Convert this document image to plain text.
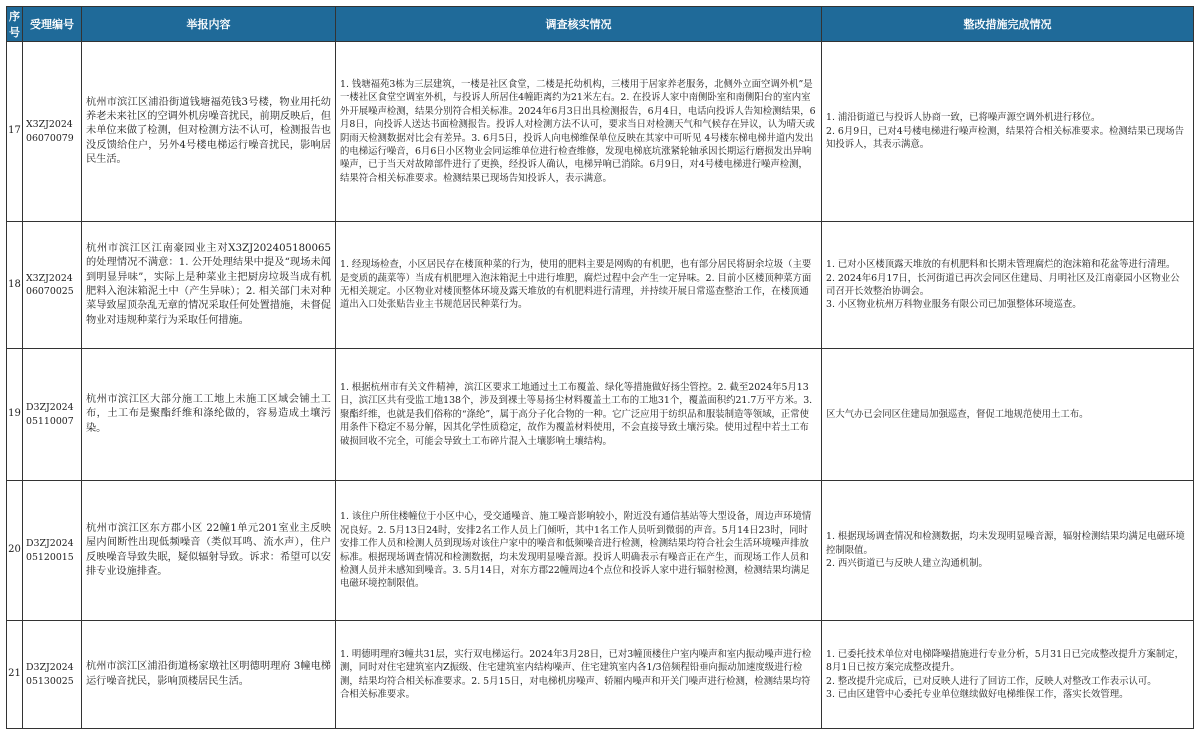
序号	受理编号	举报内容	调查核实情况	整改措施完成情况
17	X3ZJ2024 06070079	杭州市滨江区浦沿街道钱塘福苑钱3号楼，物业用托幼养老未来社区的空调外机房噪音扰民，前期反映后，但未单位来做了检测，但对检测方法不认可，检测报告也没反馈给住户，另外4号楼电梯运行噪音扰民，影响居民生活。	1. 钱塘福苑3栋为三层建筑，一楼是社区食堂，二楼是托幼机构，三楼用于居家养老服务，北侧外立面空调外机”是一楼社区食堂空调室外机，与投诉人所居住4幢距离约为21米左右。2. 在投诉人家中南侧卧室和南侧阳台的室内室外开展噪声检测，结果分别符合相关标准。2024年6月3日出具检测报告，6月4日，电话向投诉人告知检测结果，6月8日，向投诉人送达书面检测报告。投诉人对检测方法不认可，要求当日对检测天气和气候存在异议，认为晴天或阴雨天检测数据对比会有差异。3. 6月5日，投诉人向电梯维保单位反映在其家中可听见 4号楼东梯电梯井道内发出的电梯运行噪音，6月6日小区物业会同运维单位进行检查维修，发现电梯底坑涨紧轮轴承因长期运行磨损发出异响噪声，已于当天对故障部件进行了更换，经投诉人确认，电梯异响已消除。6月9日，对4号楼电梯进行噪声检测，结果符合相关标准要求。检测结果已现场告知投诉人，表示满意。	1. 浦沿街道已与投诉人协商一致，已将噪声源空调外机进行移位。
2. 6月9日，已对4号楼电梯进行噪声检测，结果符合相关标准要求。检测结果已现场告知投诉人，其表示满意。

18	X3ZJ2024 06070025	杭州市滨江区江南豪园业主对X3ZJ202405180065的处理情况不满意：1. 公开处理结果中提及“现场未闻到明显异味”，实际上是种菜业主把厨房垃圾当成有机肥料入泡沫箱泥土中（产生异味）；2. 相关部门未对种菜导致屋顶杂乱无章的情况采取任何处置措施，未督促物业对违规种菜行为采取任何措施。	1. 经现场检查，小区居民存在楼顶种菜的行为，使用的肥料主要是网购的有机肥，也有部分居民将厨余垃圾（主要是变质的蔬菜等）当成有机肥埋入泡沫箱泥土中进行堆肥，腐烂过程中会产生一定异味。2. 目前小区楼顶种菜方面无相关规定。小区物业对楼顶整体环境及露天堆放的有机肥料进行清理，并持续开展日常巡查整治工作，在楼顶通道出入口处张贴告业主书规范居民种菜行为。	1. 已对小区楼顶露天堆放的有机肥料和长期未管理腐烂的泡沫箱和花盆等进行清理。
2. 2024年6月17日，长河街道已再次会同区住建局、月明社区及江南豪园小区物业公司召开长效整治协调会。
3. 小区物业杭州万科物业服务有限公司已加强整体环境巡查。

19	D3ZJ2024 05110007	杭州市滨江区大部分施工工地上未施工区域会铺土工布，土工布是聚酯纤维和涤纶做的，容易造成土壤污染。	1. 根据杭州市有关文件精神，滨江区要求工地通过土工布覆盖、绿化等措施做好扬尘管控。2. 截至2024年5月13日，滨江区共有受监工地138个，涉及到裸土等易扬尘材料覆盖土工布的工地31个，覆盖面积约21.7万平方米。3. 聚酯纤维，也就是我们俗称的“涤纶”，属于高分子化合物的一种。它广泛应用于纺织品和服装制造等领域，正常使用条件下稳定不易分解，因其化学性质稳定，故作为覆盖材料使用，不会直接导致土壤污染。使用过程中若土工布破损回收不完全，可能会导致土工布碎片混入土壤影响土壤结构。	区大气办已会同区住建局加强巡查，督促工地规范使用土工布。

20	D3ZJ2024 05120015	杭州市滨江区东方郡小区 22幢1单元201室业主反映屋内间断性出现低频噪音（类似耳鸣、流水声），住户反映噪音导致失眠，疑似辐射导致。诉求：希望可以安排专业设施排查。	1. 该住户所住楼幢位于小区中心，受交通噪音、施工噪音影响较小，附近没有通信基站等大型设备，周边声环境情况良好。2. 5月13日24时，安排2名工作人员上门倾听，其中1名工作人员听到微弱的声音。5月14日23时，同时安排工作人员和检测人员到现场对该住户家中的噪音和低频噪音进行检测，检测结果均符合社会生活环境噪声排放标准。根据现场调查情况和检测数据，均未发现明显噪音源。投诉人明确表示有噪音正在产生，而现场工作人员和检测人员并未感知到噪音。3. 5月14日，对东方郡22幢周边4个点位和投诉人家中进行辐射检测，检测结果均满足电磁环境控制限值。	1. 根据现场调查情况和检测数据，均未发现明显噪音源，辐射检测结果均满足电磁环境控制限值。
2. 西兴街道已与反映人建立沟通机制。

21	D3ZJ2024 05130025	杭州市滨江区浦沿街道杨家墩社区明德明理府 3幢电梯运行噪音扰民，影响顶楼居民生活。	1. 明德明理府3幢共31层，实行双电梯运行。2024年3月28日，已对3幢顶楼住户室内噪声和室内振动噪声进行检测，同时对住宅建筑室内Z振级、住宅建筑室内结构噪声、住宅建筑室内各1/3倍频程铅垂向振动加速度级进行检测，结果均符合相关标准要求。2. 5月15日，对电梯机房噪声、轿厢内噪声和开关门噪声进行检测，检测结果均符合相关标准要求。	1. 已委托技术单位对电梯降噪措施进行专业分析，5月31日已完成整改提升方案制定，8月1日已按方案完成整改提升。
2. 整改提升完成后，已对反映人进行了回访工作，反映人对整改工作表示认可。
3. 已由区建管中心委托专业单位继续做好电梯维保工作，落实长效管理。
